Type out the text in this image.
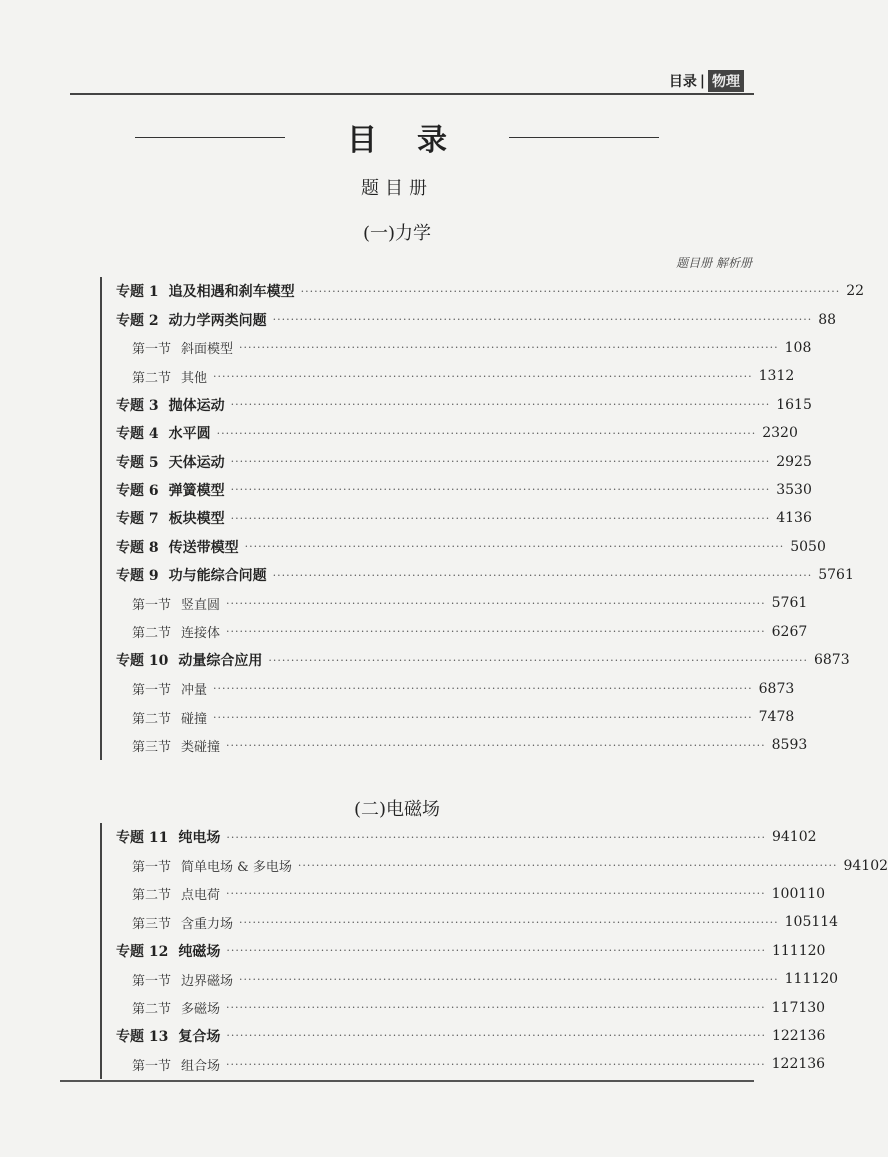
目录 | 物理
目录
题目册
(一)力学
题目册 解析册
专题 1 追及相遇和刹车模型 ························································································································ 2 2
专题 2 动力学两类问题 ························································································································ 8 8
第一节 斜面模型 ························································································································ 10 8
第二节 其他 ························································································································ 13 12
专题 3 抛体运动 ························································································································ 16 15
专题 4 水平圆 ························································································································ 23 20
专题 5 天体运动 ························································································································ 29 25
专题 6 弹簧模型 ························································································································ 35 30
专题 7 板块模型 ························································································································ 41 36
专题 8 传送带模型 ························································································································ 50 50
专题 9 功与能综合问题 ························································································································ 57 61
第一节 竖直圆 ························································································································ 57 61
第二节 连接体 ························································································································ 62 67
专题 10 动量综合应用 ························································································································ 68 73
第一节 冲量 ························································································································ 68 73
第二节 碰撞 ························································································································ 74 78
第三节 类碰撞 ························································································································ 85 93
(二)电磁场
专题 11 纯电场 ························································································································ 94 102
第一节 简单电场 & 多电场 ························································································································ 94 102
第二节 点电荷 ························································································································ 100 110
第三节 含重力场 ························································································································ 105 114
专题 12 纯磁场 ························································································································ 111 120
第一节 边界磁场 ························································································································ 111 120
第二节 多磁场 ························································································································ 117 130
专题 13 复合场 ························································································································ 122 136
第一节 组合场 ························································································································ 122 136
